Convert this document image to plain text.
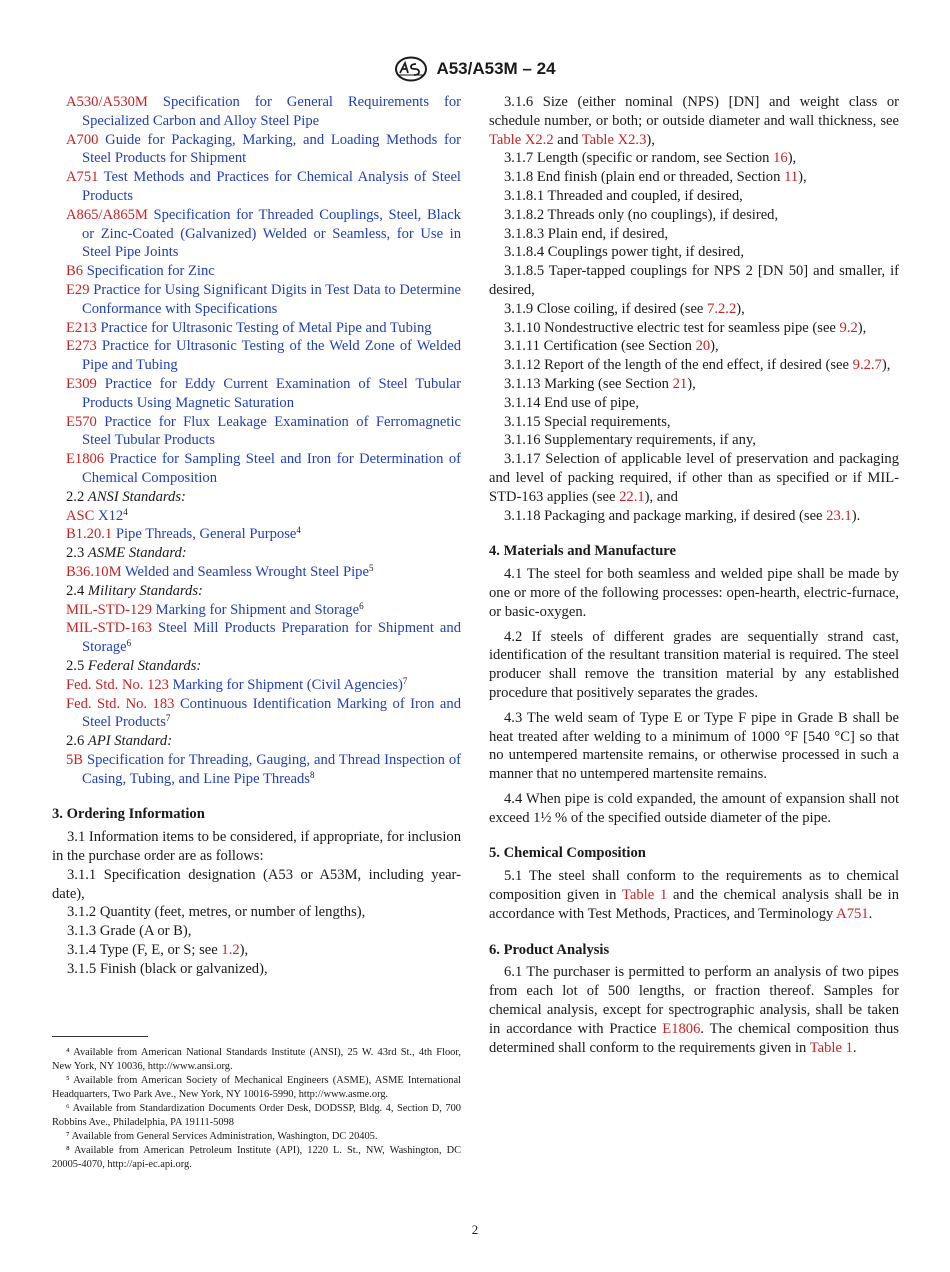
A53/A53M – 24
A530/A530M Specification for General Requirements for Specialized Carbon and Alloy Steel Pipe
A700 Guide for Packaging, Marking, and Loading Methods for Steel Products for Shipment
A751 Test Methods and Practices for Chemical Analysis of Steel Products
A865/A865M Specification for Threaded Couplings, Steel, Black or Zinc-Coated (Galvanized) Welded or Seamless, for Use in Steel Pipe Joints
B6 Specification for Zinc
E29 Practice for Using Significant Digits in Test Data to Determine Conformance with Specifications
E213 Practice for Ultrasonic Testing of Metal Pipe and Tubing
E273 Practice for Ultrasonic Testing of the Weld Zone of Welded Pipe and Tubing
E309 Practice for Eddy Current Examination of Steel Tubular Products Using Magnetic Saturation
E570 Practice for Flux Leakage Examination of Ferromagnetic Steel Tubular Products
E1806 Practice for Sampling Steel and Iron for Determination of Chemical Composition
2.2 ANSI Standards:
ASC $X12^4$
B1.20.1 Pipe Threads, General Purpose$^4$
2.3 ASME Standard:
B36.10M Welded and Seamless Wrought Steel Pipe$^5$
2.4 Military Standards:
MIL-STD-129 Marking for Shipment and Storage$^6$
MIL-STD-163 Steel Mill Products Preparation for Shipment and Storage$^6$
2.5 Federal Standards:
Fed. Std. No. 123 Marking for Shipment (Civil Agencies)$^7$
Fed. Std. No. 183 Continuous Identification Marking of Iron and Steel Products$^7$
2.6 API Standard:
5B Specification for Threading, Gauging, and Thread Inspection of Casing, Tubing, and Line Pipe Threads$^8$
3. Ordering Information

3.1 Information items to be considered, if appropriate, for inclusion in the purchase order are as follows:

3.1.1 Specification designation (A53 or A53M, including year-date),

3.1.2 Quantity (feet, metres, or number of lengths),

3.1.3 Grade (A or B),

3.1.4 Type (F, E, or S; see 1.2),

3.1.5 Finish (black or galvanized),

⁴ Available from American National Standards Institute (ANSI), 25 W. 43rd St., 4th Floor, New York, NY 10036, http://www.ansi.org.

⁵ Available from American Society of Mechanical Engineers (ASME), ASME International Headquarters, Two Park Ave., New York, NY 10016-5990, http://www.asme.org.

⁶ Available from Standardization Documents Order Desk, DODSSP, Bldg. 4, Section D, 700 Robbins Ave., Philadelphia, PA 19111-5098

⁷ Available from General Services Administration, Washington, DC 20405.

⁸ Available from American Petroleum Institute (API), 1220 L. St., NW, Washington, DC 20005-4070, http://api-ec.api.org.

3.1.6 Size (either nominal (NPS) [DN] and weight class or schedule number, or both; or outside diameter and wall thickness, see Table X2.2 and Table X2.3),

3.1.7 Length (specific or random, see Section 16),

3.1.8 End finish (plain end or threaded, Section 11),

3.1.8.1 Threaded and coupled, if desired,

3.1.8.2 Threads only (no couplings), if desired,

3.1.8.3 Plain end, if desired,

3.1.8.4 Couplings power tight, if desired,

3.1.8.5 Taper-tapped couplings for NPS 2 [DN 50] and smaller, if desired,

3.1.9 Close coiling, if desired (see 7.2.2),

3.1.10 Nondestructive electric test for seamless pipe (see 9.2),

3.1.11 Certification (see Section 20),

3.1.12 Report of the length of the end effect, if desired (see 9.2.7),

3.1.13 Marking (see Section 21),

3.1.14 End use of pipe,

3.1.15 Special requirements,

3.1.16 Supplementary requirements, if any,

3.1.17 Selection of applicable level of preservation and packaging and level of packing required, if other than as specified or if MIL-STD-163 applies (see 22.1), and

3.1.18 Packaging and package marking, if desired (see 23.1).

4. Materials and Manufacture

4.1 The steel for both seamless and welded pipe shall be made by one or more of the following processes: open-hearth, electric-furnace, or basic-oxygen.

4.2 If steels of different grades are sequentially strand cast, identification of the resultant transition material is required. The steel producer shall remove the transition material by any established procedure that positively separates the grades.

4.3 The weld seam of Type E or Type F pipe in Grade B shall be heat treated after welding to a minimum of 1000 °F [540 °C] so that no untempered martensite remains, or otherwise processed in such a manner that no untempered martensite remains.

4.4 When pipe is cold expanded, the amount of expansion shall not exceed 1½ % of the specified outside diameter of the pipe.

5. Chemical Composition

5.1 The steel shall conform to the requirements as to chemical composition given in Table 1 and the chemical analysis shall be in accordance with Test Methods, Practices, and Terminology A751.

6. Product Analysis

6.1 The purchaser is permitted to perform an analysis of two pipes from each lot of 500 lengths, or fraction thereof. Samples for chemical analysis, except for spectrographic analysis, shall be taken in accordance with Practice E1806. The chemical composition thus determined shall conform to the requirements given in Table 1.

2
